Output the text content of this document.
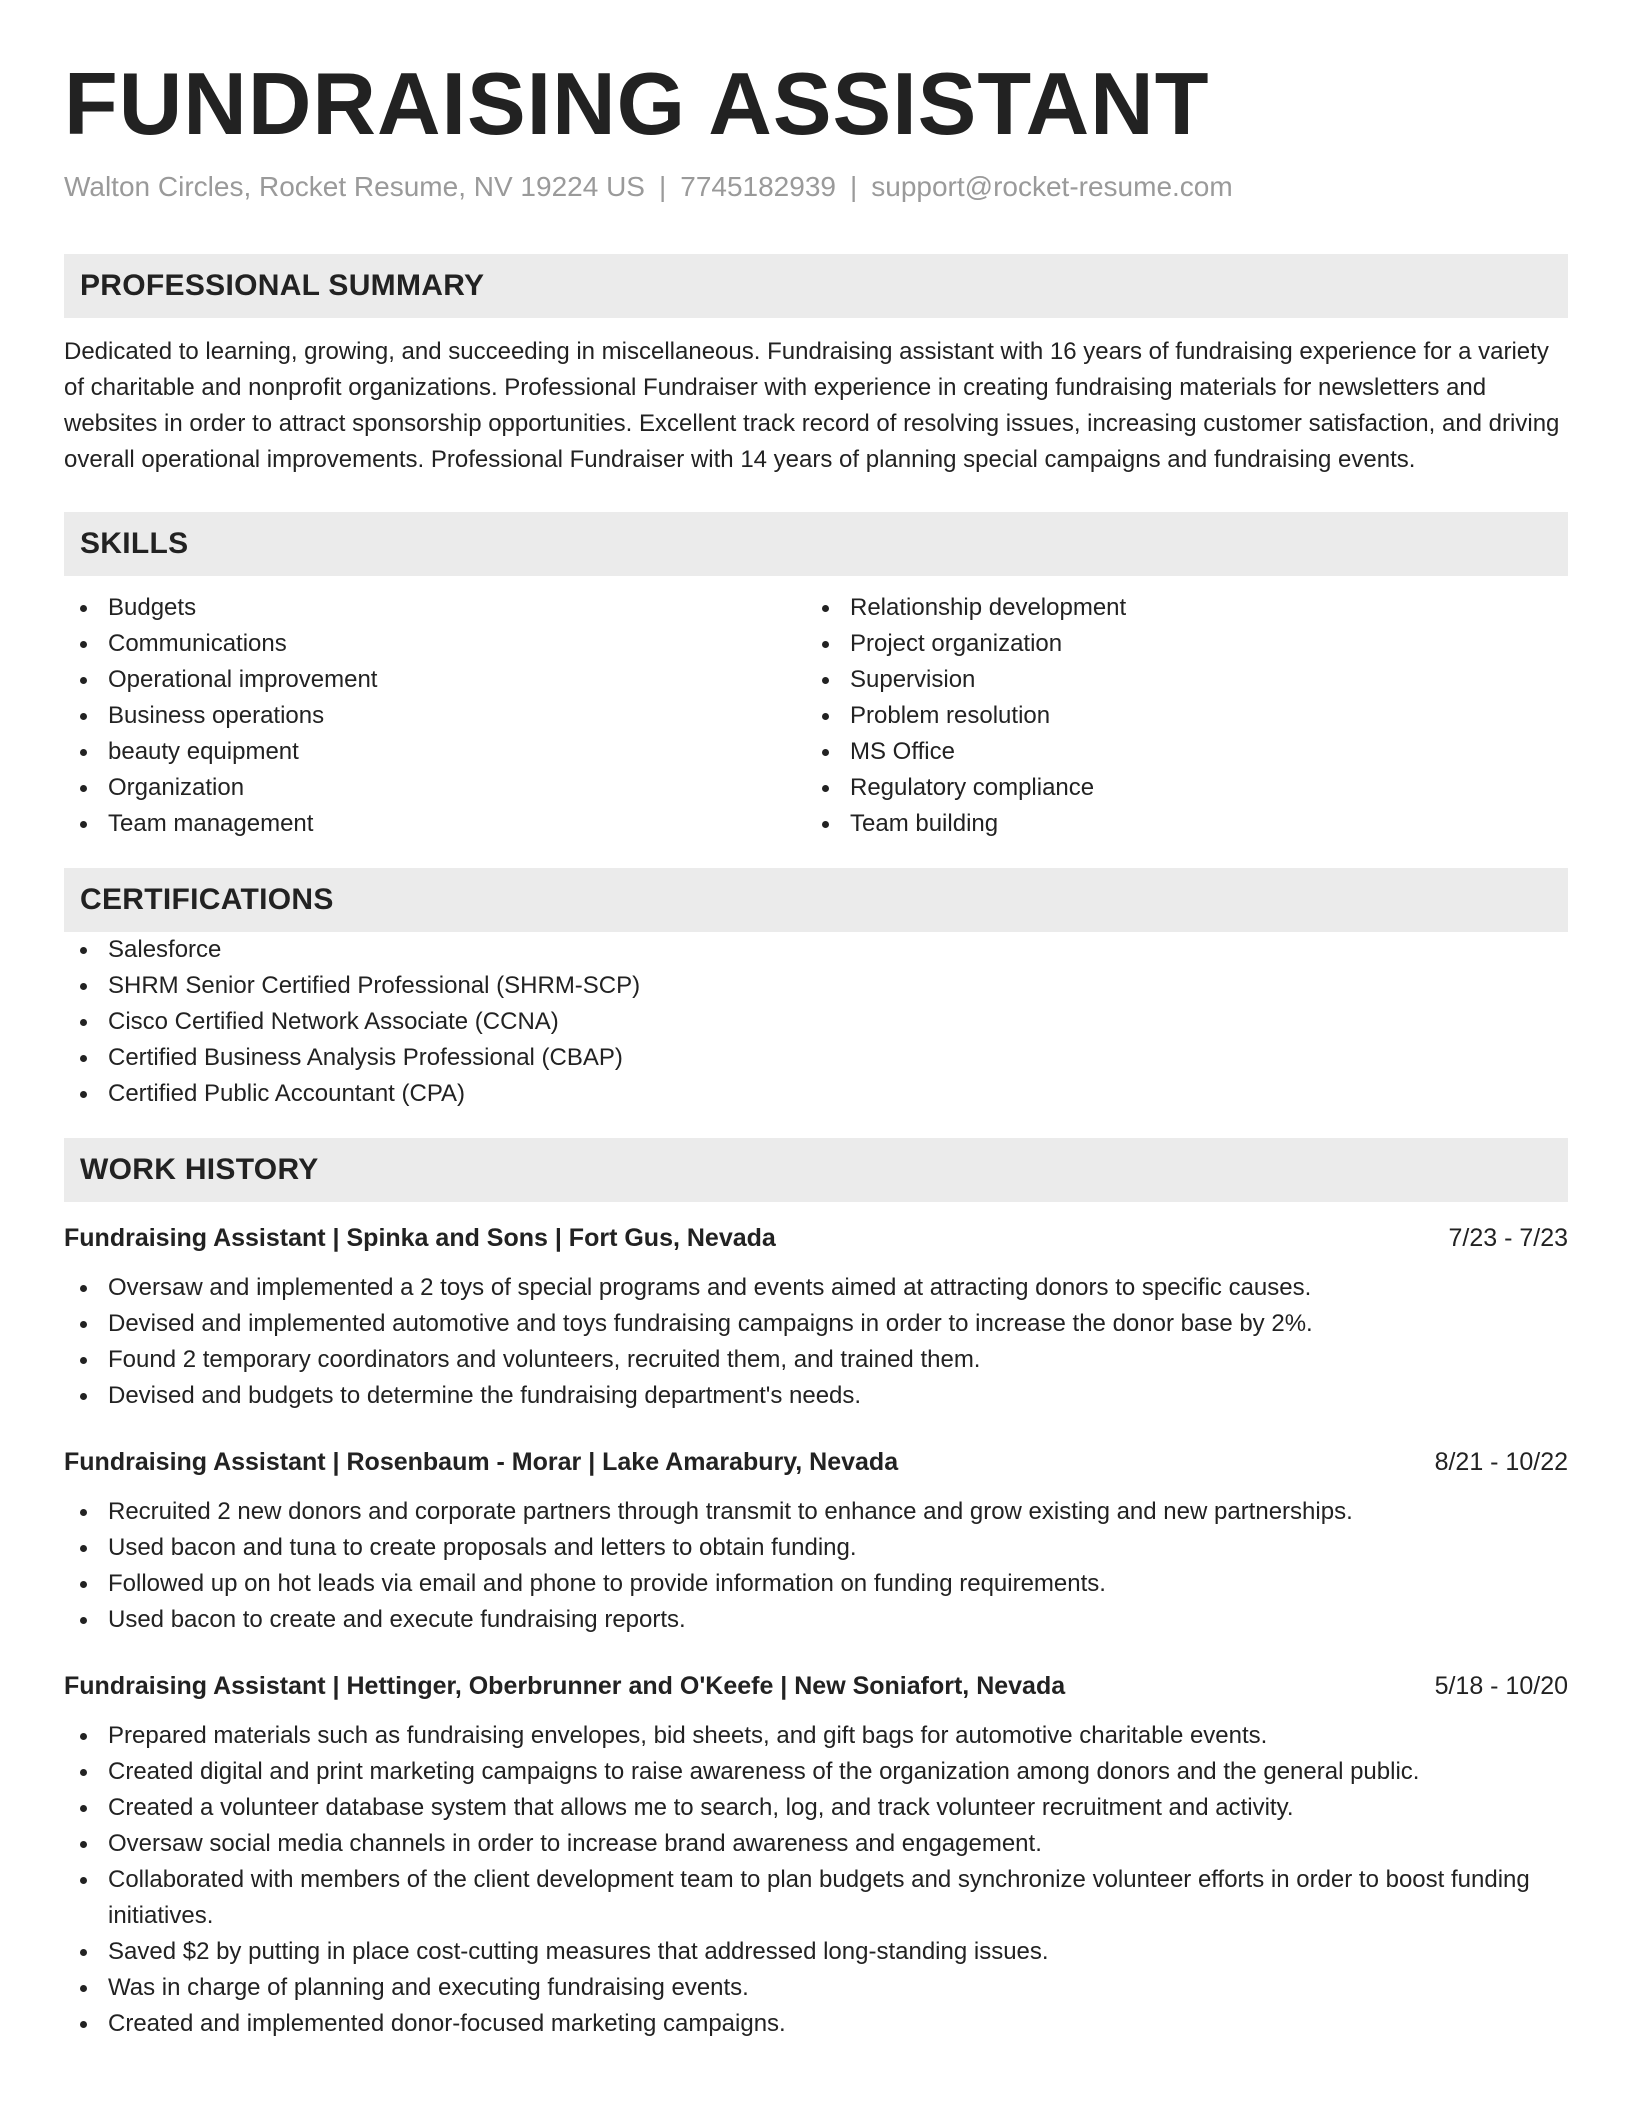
FUNDRAISING ASSISTANT
Walton Circles, Rocket Resume, NV 19224 US | 7745182939 | support@rocket-resume.com
PROFESSIONAL SUMMARY

Dedicated to learning, growing, and succeeding in miscellaneous. Fundraising assistant with 16 years of fundraising experience for a variety of charitable and nonprofit organizations. Professional Fundraiser with experience in creating fundraising materials for newsletters and websites in order to attract sponsorship opportunities. Excellent track record of resolving issues, increasing customer satisfaction, and driving overall operational improvements. Professional Fundraiser with 14 years of planning special campaigns and fundraising events.

SKILLS
Budgets
Communications
Operational improvement
Business operations
beauty equipment
Organization
Team management
Relationship development
Project organization
Supervision
Problem resolution
MS Office
Regulatory compliance
Team building
CERTIFICATIONS
Salesforce
SHRM Senior Certified Professional (SHRM-SCP)
Cisco Certified Network Associate (CCNA)
Certified Business Analysis Professional (CBAP)
Certified Public Accountant (CPA)
WORK HISTORY
Fundraising Assistant | Spinka and Sons | Fort Gus, Nevada	7/23 - 7/23
Oversaw and implemented a 2 toys of special programs and events aimed at attracting donors to specific causes.
Devised and implemented automotive and toys fundraising campaigns in order to increase the donor base by 2%.
Found 2 temporary coordinators and volunteers, recruited them, and trained them.
Devised and budgets to determine the fundraising department's needs.
Fundraising Assistant | Rosenbaum - Morar | Lake Amarabury, Nevada	8/21 - 10/22
Recruited 2 new donors and corporate partners through transmit to enhance and grow existing and new partnerships.
Used bacon and tuna to create proposals and letters to obtain funding.
Followed up on hot leads via email and phone to provide information on funding requirements.
Used bacon to create and execute fundraising reports.
Fundraising Assistant | Hettinger, Oberbrunner and O'Keefe | New Soniafort, Nevada	5/18 - 10/20
Prepared materials such as fundraising envelopes, bid sheets, and gift bags for automotive charitable events.
Created digital and print marketing campaigns to raise awareness of the organization among donors and the general public.
Created a volunteer database system that allows me to search, log, and track volunteer recruitment and activity.
Oversaw social media channels in order to increase brand awareness and engagement.
Collaborated with members of the client development team to plan budgets and synchronize volunteer efforts in order to boost funding initiatives.
Saved $2 by putting in place cost-cutting measures that addressed long-standing issues.
Was in charge of planning and executing fundraising events.
Created and implemented donor-focused marketing campaigns.
